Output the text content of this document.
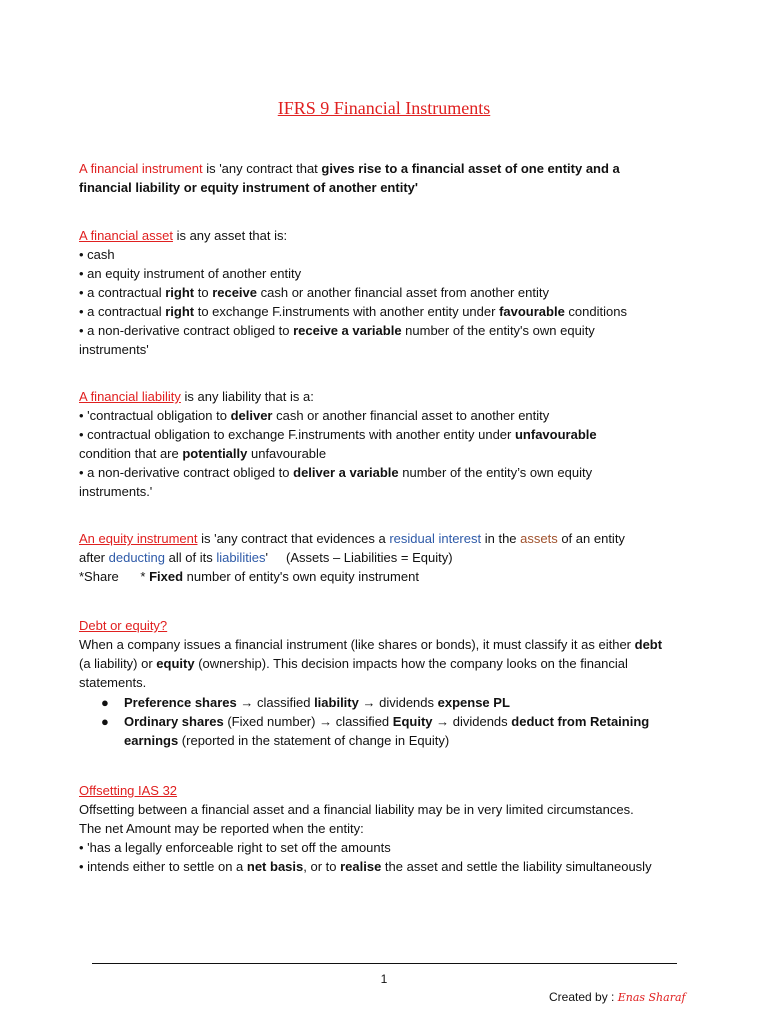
IFRS 9 Financial Instruments
A financial instrument is 'any contract that gives rise to a financial asset of one entity and a
financial liability or equity instrument of another entity'
A financial asset is any asset that is:
• cash
• an equity instrument of another entity
• a contractual right to receive cash or another financial asset from another entity
• a contractual right to exchange F.instruments with another entity under favourable conditions
• a non-derivative contract obliged to receive a variable number of the entity's own equity
instruments'
A financial liability is any liability that is a:
• 'contractual obligation to deliver cash or another financial asset to another entity
• contractual obligation to exchange F.instruments with another entity under unfavourable
condition that are potentially unfavourable
• a non-derivative contract obliged to deliver a variable number of the entity’s own equity
instruments.'
An equity instrument is 'any contract that evidences a residual interest in the assets of an entity
after deducting all of its liabilities'     (Assets – Liabilities = Equity)
*Share      * Fixed number of entity's own equity instrument
Debt or equity?
When a company issues a financial instrument (like shares or bonds), it must classify it as either debt
(a liability) or equity (ownership). This decision impacts how the company looks on the financial
statements.
● Preference shares → classified liability → dividends expense PL
● Ordinary shares (Fixed number) → classified Equity → dividends deduct from Retaining
earnings (reported in the statement of change in Equity)
Offsetting IAS 32
Offsetting between a financial asset and a financial liability may be in very limited circumstances.
The net Amount may be reported when the entity:
• 'has a legally enforceable right to set off the amounts
• intends either to settle on a net basis, or to realise the asset and settle the liability simultaneously
1
Created by : Enas Sharaf
